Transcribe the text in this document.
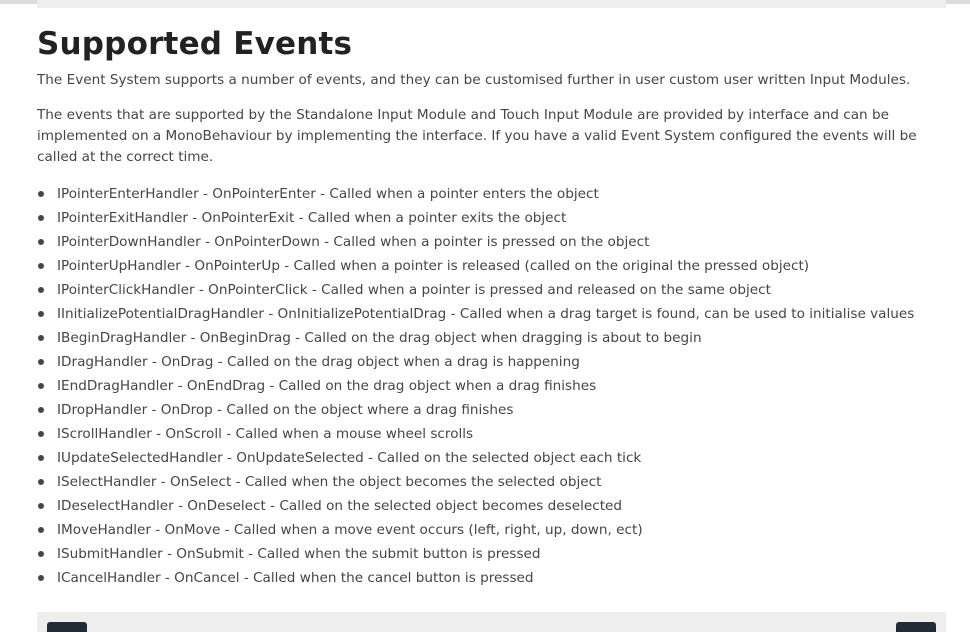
Supported Events

The Event System supports a number of events, and they can be customised further in user custom user written Input Modules.

The events that are supported by the Standalone Input Module and Touch Input Module are provided by interface and can be implemented on a MonoBehaviour by implementing the interface. If you have a valid Event System configured the events will be called at the correct time.

IPointerEnterHandler - OnPointerEnter - Called when a pointer enters the object
IPointerExitHandler - OnPointerExit - Called when a pointer exits the object
IPointerDownHandler - OnPointerDown - Called when a pointer is pressed on the object
IPointerUpHandler - OnPointerUp - Called when a pointer is released (called on the original the pressed object)
IPointerClickHandler - OnPointerClick - Called when a pointer is pressed and released on the same object
IInitializePotentialDragHandler - OnInitializePotentialDrag - Called when a drag target is found, can be used to initialise values
IBeginDragHandler - OnBeginDrag - Called on the drag object when dragging is about to begin
IDragHandler - OnDrag - Called on the drag object when a drag is happening
IEndDragHandler - OnEndDrag - Called on the drag object when a drag finishes
IDropHandler - OnDrop - Called on the object where a drag finishes
IScrollHandler - OnScroll - Called when a mouse wheel scrolls
IUpdateSelectedHandler - OnUpdateSelected - Called on the selected object each tick
ISelectHandler - OnSelect - Called when the object becomes the selected object
IDeselectHandler - OnDeselect - Called on the selected object becomes deselected
IMoveHandler - OnMove - Called when a move event occurs (left, right, up, down, ect)
ISubmitHandler - OnSubmit - Called when the submit button is pressed
ICancelHandler - OnCancel - Called when the cancel button is pressed
